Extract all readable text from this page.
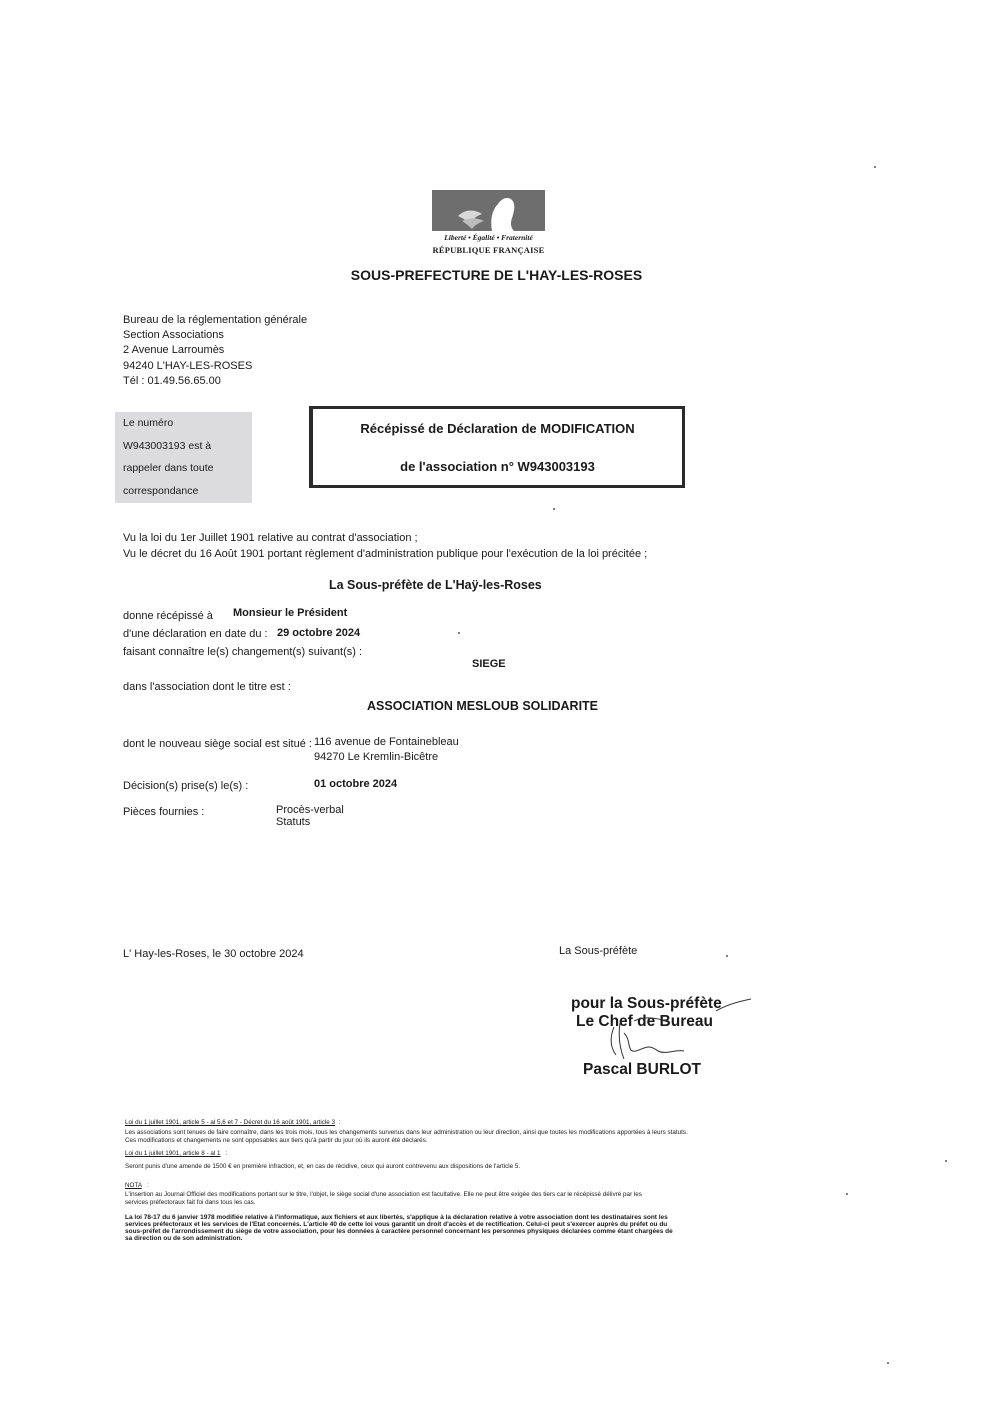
Liberté • Égalité • Fraternité
RÉPUBLIQUE FRANÇAISE
SOUS-PREFECTURE DE L'HAY-LES-ROSES
Bureau de la réglementation générale
Section Associations
2 Avenue Larroumès
94240 L'HAY-LES-ROSES
Tél : 01.49.56.65.00
Le numéro
W943003193 est à
rappeler dans toute
correspondance
Récépissé de Déclaration de MODIFICATION
de l'association n° W943003193
Vu la loi du 1er Juillet 1901 relative au contrat d'association ;
Vu le décret du 16 Août 1901 portant règlement d'administration publique pour l'exécution de la loi précitée ;
La Sous-préfète de L'Haÿ-les-Roses
donne récépissé à Monsieur le Président
d'une déclaration en date du : 29 octobre 2024
faisant connaître le(s) changement(s) suivant(s) :
SIEGE
dans l'association dont le titre est :
ASSOCIATION MESLOUB SOLIDARITE
dont le nouveau siège social est situé : 116 avenue de Fontainebleau
94270 Le Kremlin-Bicêtre
Décision(s) prise(s) le(s) :	01 octobre 2024
Pièces fournies :	Procès-verbal
Statuts
L' Hay-les-Roses, le 30 octobre 2024	La Sous-préfète
pour la Sous-préfète
Le Chef de Bureau
Pascal BURLOT
Loi du 1 juillet 1901, article 5 - al 5,6 et 7 - Décret du 16 août 1901, article 3 :
Les associations sont tenues de faire connaître, dans les trois mois, tous les changements survenus dans leur administration ou leur direction, ainsi que toutes les modifications apportées à leurs statuts.
Ces modifications et changements ne sont opposables aux tiers qu'à partir du jour où ils auront été déclarés.
Loi du 1 juillet 1901, article 8 - al 1 :
Seront punis d'une amende de 1500 € en première infraction, et, en cas de récidive, ceux qui auront contrevenu aux dispositions de l'article 5.
NOTA :
L'insertion au Journal Officiel des modifications portant sur le titre, l'objet, le siège social d'une association est facultative. Elle ne peut être exigée des tiers car le récépissé délivré par les
services préfectoraux fait foi dans tous les cas.
La loi 78-17 du 6 janvier 1978 modifiée relative à l'informatique, aux fichiers et aux libertés, s'applique à la déclaration relative à votre association dont les destinataires sont les
services préfectoraux et les services de l'Etat concernés. L'article 40 de cette loi vous garantit un droit d'accès et de rectification. Celui-ci peut s'exercer auprès du préfet ou du
sous-préfet de l'arrondissement du siège de votre association, pour les données à caractère personnel concernant les personnes physiques déclarées comme étant chargées de
sa direction ou de son administration.
